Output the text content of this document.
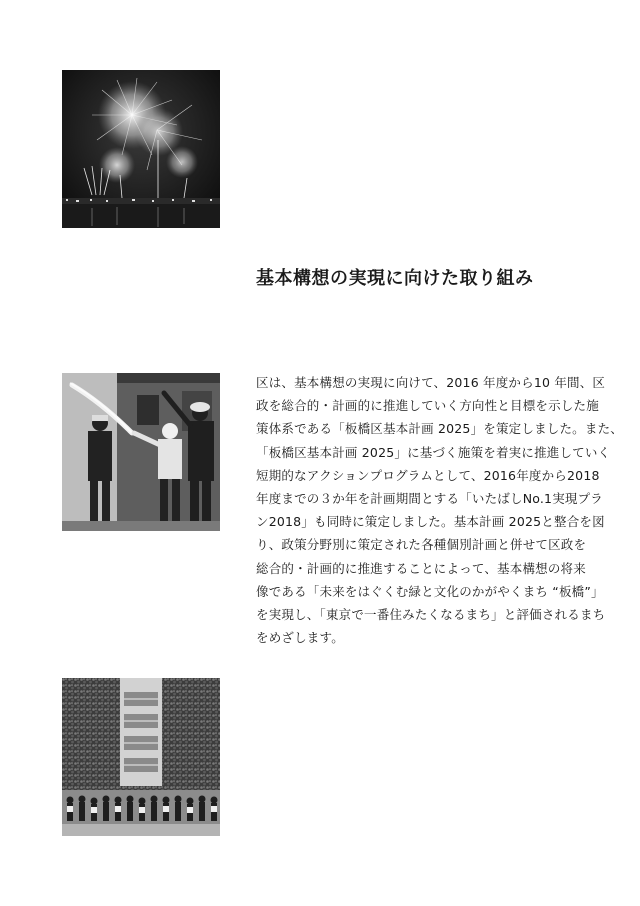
基本構想の実現に向けた取り組み

区は、基本構想の実現に向けて、2016 年度から10 年間、区
政を総合的・計画的に推進していく方向性と目標を示した施
策体系である「板橋区基本計画 2025」を策定しました。また、
「板橋区基本計画 2025」に基づく施策を着実に推進していく
短期的なアクションプログラムとして、2016年度から2018
年度までの３か年を計画期間とする「いたばしNo.1実現プラ
ン2018」も同時に策定しました。基本計画 2025と整合を図
り、政策分野別に策定された各種個別計画と併せて区政を
総合的・計画的に推進することによって、基本構想の将来
像である「未来をはぐくむ緑と文化のかがやくまち “板橋”」
を実現し、「東京で一番住みたくなるまち」と評価されるまち
をめざします。
